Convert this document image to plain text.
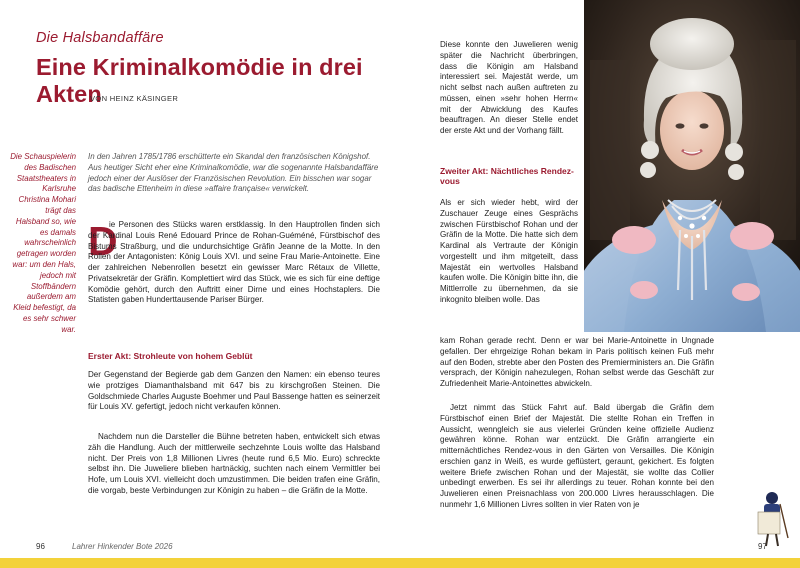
Die Halsbandaffäre
Eine Kriminalkomödie in drei Akten
VON HEINZ KÄSINGER
Die Schauspielerin des Badischen Staatstheaters in Karlsruhe Christina Mohari trägt das Halsband so, wie es damals wahrscheinlich getragen worden war: um den Hals, jedoch mit Stoffbändern außerdem am Kleid befestigt, da es sehr schwer war.
In den Jahren 1785/1786 erschütterte ein Skandal den französischen Königshof. Aus heutiger Sicht eher eine Kriminalkomödie, war die sogenannte Halsbandaffäre jedoch einer der Auslöser der Französischen Revolution. Ein bisschen war sogar das badische Ettenheim in diese »affaire française« verwickelt.
D
ie Personen des Stücks waren erstklassig. In den Hauptrollen finden sich der Kardinal Louis René Edouard Prince de Rohan-Guéméné, Fürstbischof des Bistums Straßburg, und die undurchsichtige Gräfin Jeanne de la Motte. In den Rollen der Antagonisten: König Louis XVI. und seine Frau Marie-Antoinette. Eine der zahlreichen Nebenrollen besetzt ein gewisser Marc Rétaux de Villette, Privatsekretär der Gräfin. Komplettiert wird das Stück, wie es sich für eine deftige Komödie gehört, durch den Auftritt einer Dirne und eines Hochstaplers. Die Statisten gaben Hunderttausende Pariser Bürger.
Erster Akt: Strohleute von hohem Geblüt
Der Gegenstand der Begierde gab dem Ganzen den Namen: ein ebenso teures wie protziges Diamanthalsband mit 647 bis zu kirschgroßen Steinen. Die Goldschmiede Charles Auguste Boehmer und Paul Bassenge hatten es seinerzeit für Louis XV. gefertigt, jedoch nicht verkaufen können.
Nachdem nun die Darsteller die Bühne betreten haben, entwickelt sich etwas zäh die Handlung. Auch der mittlerweile sechzehnte Louis wollte das Halsband nicht. Der Preis von 1,8 Millionen Livres (heute rund 6,5 Mio. Euro) schreckte selbst ihn. Die Juweliere blieben hartnäckig, suchten nach einem Vermittler bei Hofe, um Louis XVI. vielleicht doch umzustimmen. Die beiden trafen eine Gräfin, die vorgab, beste Verbindungen zur Königin zu haben – die Gräfin de la Motte.
96	Lahrer Hinkender Bote 2026
Diese konnte den Juwelieren wenig später die Nachricht überbringen, dass die Königin am Halsband interessiert sei. Majestät werde, um nicht selbst nach außen auftreten zu müssen, einen »sehr hohen Herrn« mit der Abwicklung des Kaufes beauftragen. An dieser Stelle endet der erste Akt und der Vorhang fällt.
Zweiter Akt: Nächtliches Rendez-vous
Als er sich wieder hebt, wird der Zuschauer Zeuge eines Gesprächs zwischen Fürstbischof Rohan und der Gräfin de la Motte. Die hatte sich dem Kardinal als Vertraute der Königin vorgestellt und ihm mitgeteilt, dass Majestät ein wertvolles Halsband kaufen wolle. Die Königin bitte ihn, die Mittlerrolle zu übernehmen, da sie inkognito bleiben wolle. Das
kam Rohan gerade recht. Denn er war bei Marie-Antoinette in Ungnade gefallen. Der ehrgeizige Rohan bekam in Paris politisch keinen Fuß mehr auf den Boden, strebte aber den Posten des Premierministers an. Die Gräfin versprach, der Königin nahezulegen, Rohan selbst werde das Geschäft zur Zufriedenheit Marie-Antoinettes abwickeln.
Jetzt nimmt das Stück Fahrt auf. Bald übergab die Gräfin dem Fürstbischof einen Brief der Majestät. Die stellte Rohan ein Treffen in Aussicht, wenngleich sie aus vielerlei Gründen keine offizielle Audienz gewähren könne. Rohan war entzückt. Die Gräfin arrangierte ein mitternächtliches Rendez-vous in den Gärten von Versailles. Die Königin erschien ganz in Weiß, es wurde geflüstert, geraunt, gekichert. Es folgten weitere Briefe zwischen Rohan und der Majestät, sie wollte das Collier unbedingt erwerben. Es sei ihr allerdings zu teuer. Rohan konnte bei den Juwelieren einen Preisnachlass von 200.000 Livres herausschlagen. Die nunmehr 1,6 Millionen Livres sollten in vier Raten von je
97
